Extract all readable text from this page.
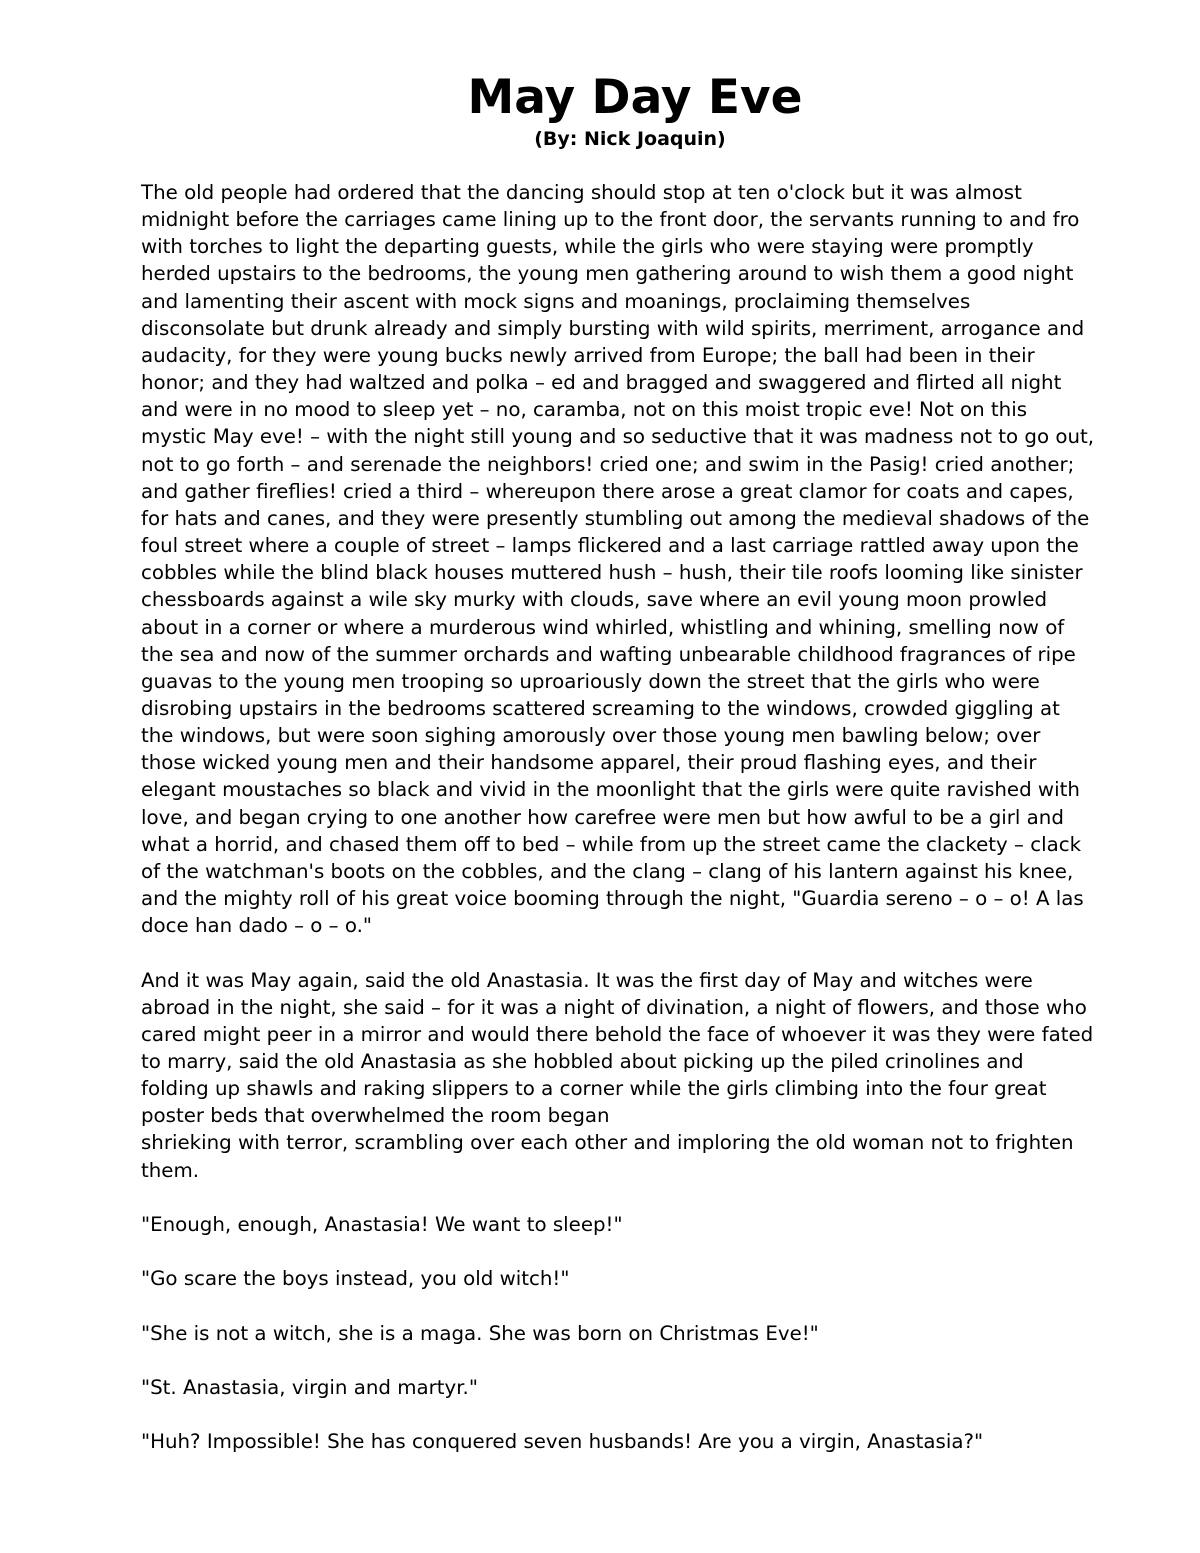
May Day Eve
(By: Nick Joaquin)

The old people had ordered that the dancing should stop at ten o'clock but it was almost
midnight before the carriages came lining up to the front door, the servants running to and fro
with torches to light the departing guests, while the girls who were staying were promptly
herded upstairs to the bedrooms, the young men gathering around to wish them a good night
and lamenting their ascent with mock signs and moanings, proclaiming themselves
disconsolate but drunk already and simply bursting with wild spirits, merriment, arrogance and
audacity, for they were young bucks newly arrived from Europe; the ball had been in their
honor; and they had waltzed and polka – ed and bragged and swaggered and flirted all night
and were in no mood to sleep yet – no, caramba, not on this moist tropic eve! Not on this
mystic May eve! – with the night still young and so seductive that it was madness not to go out,
not to go forth – and serenade the neighbors! cried one; and swim in the Pasig! cried another;
and gather fireflies! cried a third – whereupon there arose a great clamor for coats and capes,
for hats and canes, and they were presently stumbling out among the medieval shadows of the
foul street where a couple of street – lamps flickered and a last carriage rattled away upon the
cobbles while the blind black houses muttered hush – hush, their tile roofs looming like sinister
chessboards against a wile sky murky with clouds, save where an evil young moon prowled
about in a corner or where a murderous wind whirled, whistling and whining, smelling now of
the sea and now of the summer orchards and wafting unbearable childhood fragrances of ripe
guavas to the young men trooping so uproariously down the street that the girls who were
disrobing upstairs in the bedrooms scattered screaming to the windows, crowded giggling at
the windows, but were soon sighing amorously over those young men bawling below; over
those wicked young men and their handsome apparel, their proud flashing eyes, and their
elegant moustaches so black and vivid in the moonlight that the girls were quite ravished with
love, and began crying to one another how carefree were men but how awful to be a girl and
what a horrid, and chased them off to bed – while from up the street came the clackety – clack
of the watchman's boots on the cobbles, and the clang – clang of his lantern against his knee,
and the mighty roll of his great voice booming through the night, "Guardia sereno – o – o! A las
doce han dado – o – o."

And it was May again, said the old Anastasia. It was the first day of May and witches were
abroad in the night, she said – for it was a night of divination, a night of flowers, and those who
cared might peer in a mirror and would there behold the face of whoever it was they were fated
to marry, said the old Anastasia as she hobbled about picking up the piled crinolines and
folding up shawls and raking slippers to a corner while the girls climbing into the four great
poster beds that overwhelmed the room began
shrieking with terror, scrambling over each other and imploring the old woman not to frighten
them.

"Enough, enough, Anastasia! We want to sleep!"

"Go scare the boys instead, you old witch!"

"She is not a witch, she is a maga. She was born on Christmas Eve!"

"St. Anastasia, virgin and martyr."

"Huh? Impossible! She has conquered seven husbands! Are you a virgin, Anastasia?"
